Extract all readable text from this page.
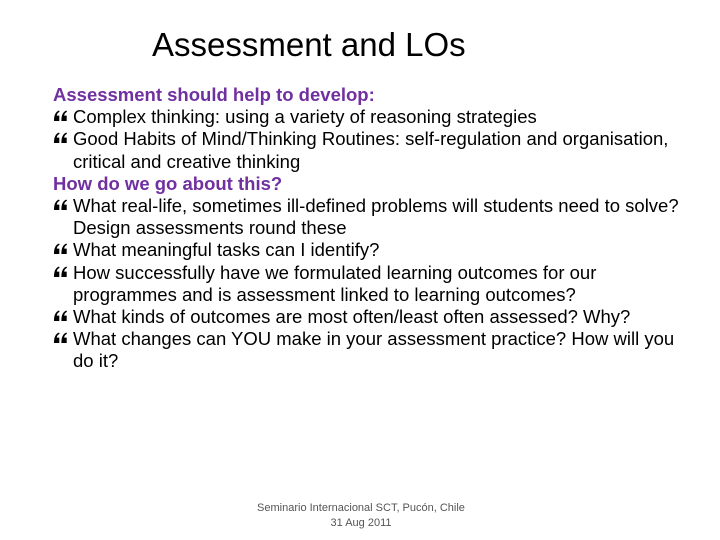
Assessment and LOs
Assessment should help to develop:
Complex thinking: using a variety of reasoning strategies
Good Habits of Mind/Thinking Routines: self-regulation and organisation, critical and creative thinking
How do we go about this?
What real-life, sometimes ill-defined problems will students need to solve? Design assessments round these
What meaningful tasks can I identify?
How successfully have we formulated learning outcomes for our programmes and is assessment linked to learning outcomes?
What kinds of outcomes are most often/least often assessed? Why?
What changes can YOU make in your assessment practice? How will you do it?
Seminario Internacional SCT, Pucón, Chile
31 Aug 2011
